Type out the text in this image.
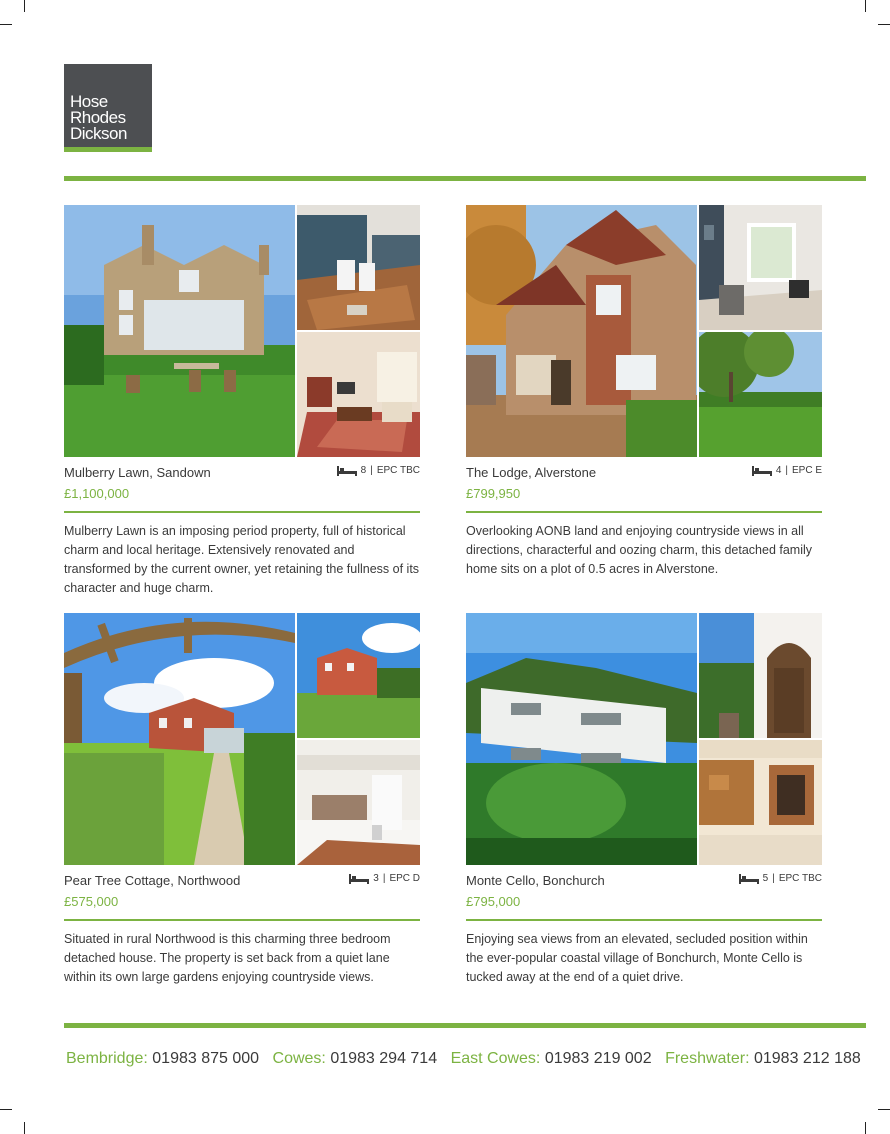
Hose
Rhodes
Dickson
Mulberry Lawn, Sandown
£1,100,000
8 | EPC TBC
Mulberry Lawn is an imposing period property, full of historical charm and local heritage. Extensively renovated and transformed by the current owner, yet retaining the fullness of its character and huge charm.
The Lodge, Alverstone
£799,950
4 | EPC E
Overlooking AONB land and enjoying countryside views in all directions, characterful and oozing charm, this detached family home sits on a plot of 0.5 acres in Alverstone.
Pear Tree Cottage, Northwood
£575,000
3 | EPC D
Situated in rural Northwood is this charming three bedroom detached house. The property is set back from a quiet lane within its own large gardens enjoying countryside views.
Monte Cello, Bonchurch
£795,000
5 | EPC TBC
Enjoying sea views from an elevated, secluded position within the ever-popular coastal village of Bonchurch, Monte Cello is tucked away at the end of a quiet drive.
Bembridge: 01983 875 000 Cowes: 01983 294 714 East Cowes: 01983 219 002 Freshwater: 01983 212 188
